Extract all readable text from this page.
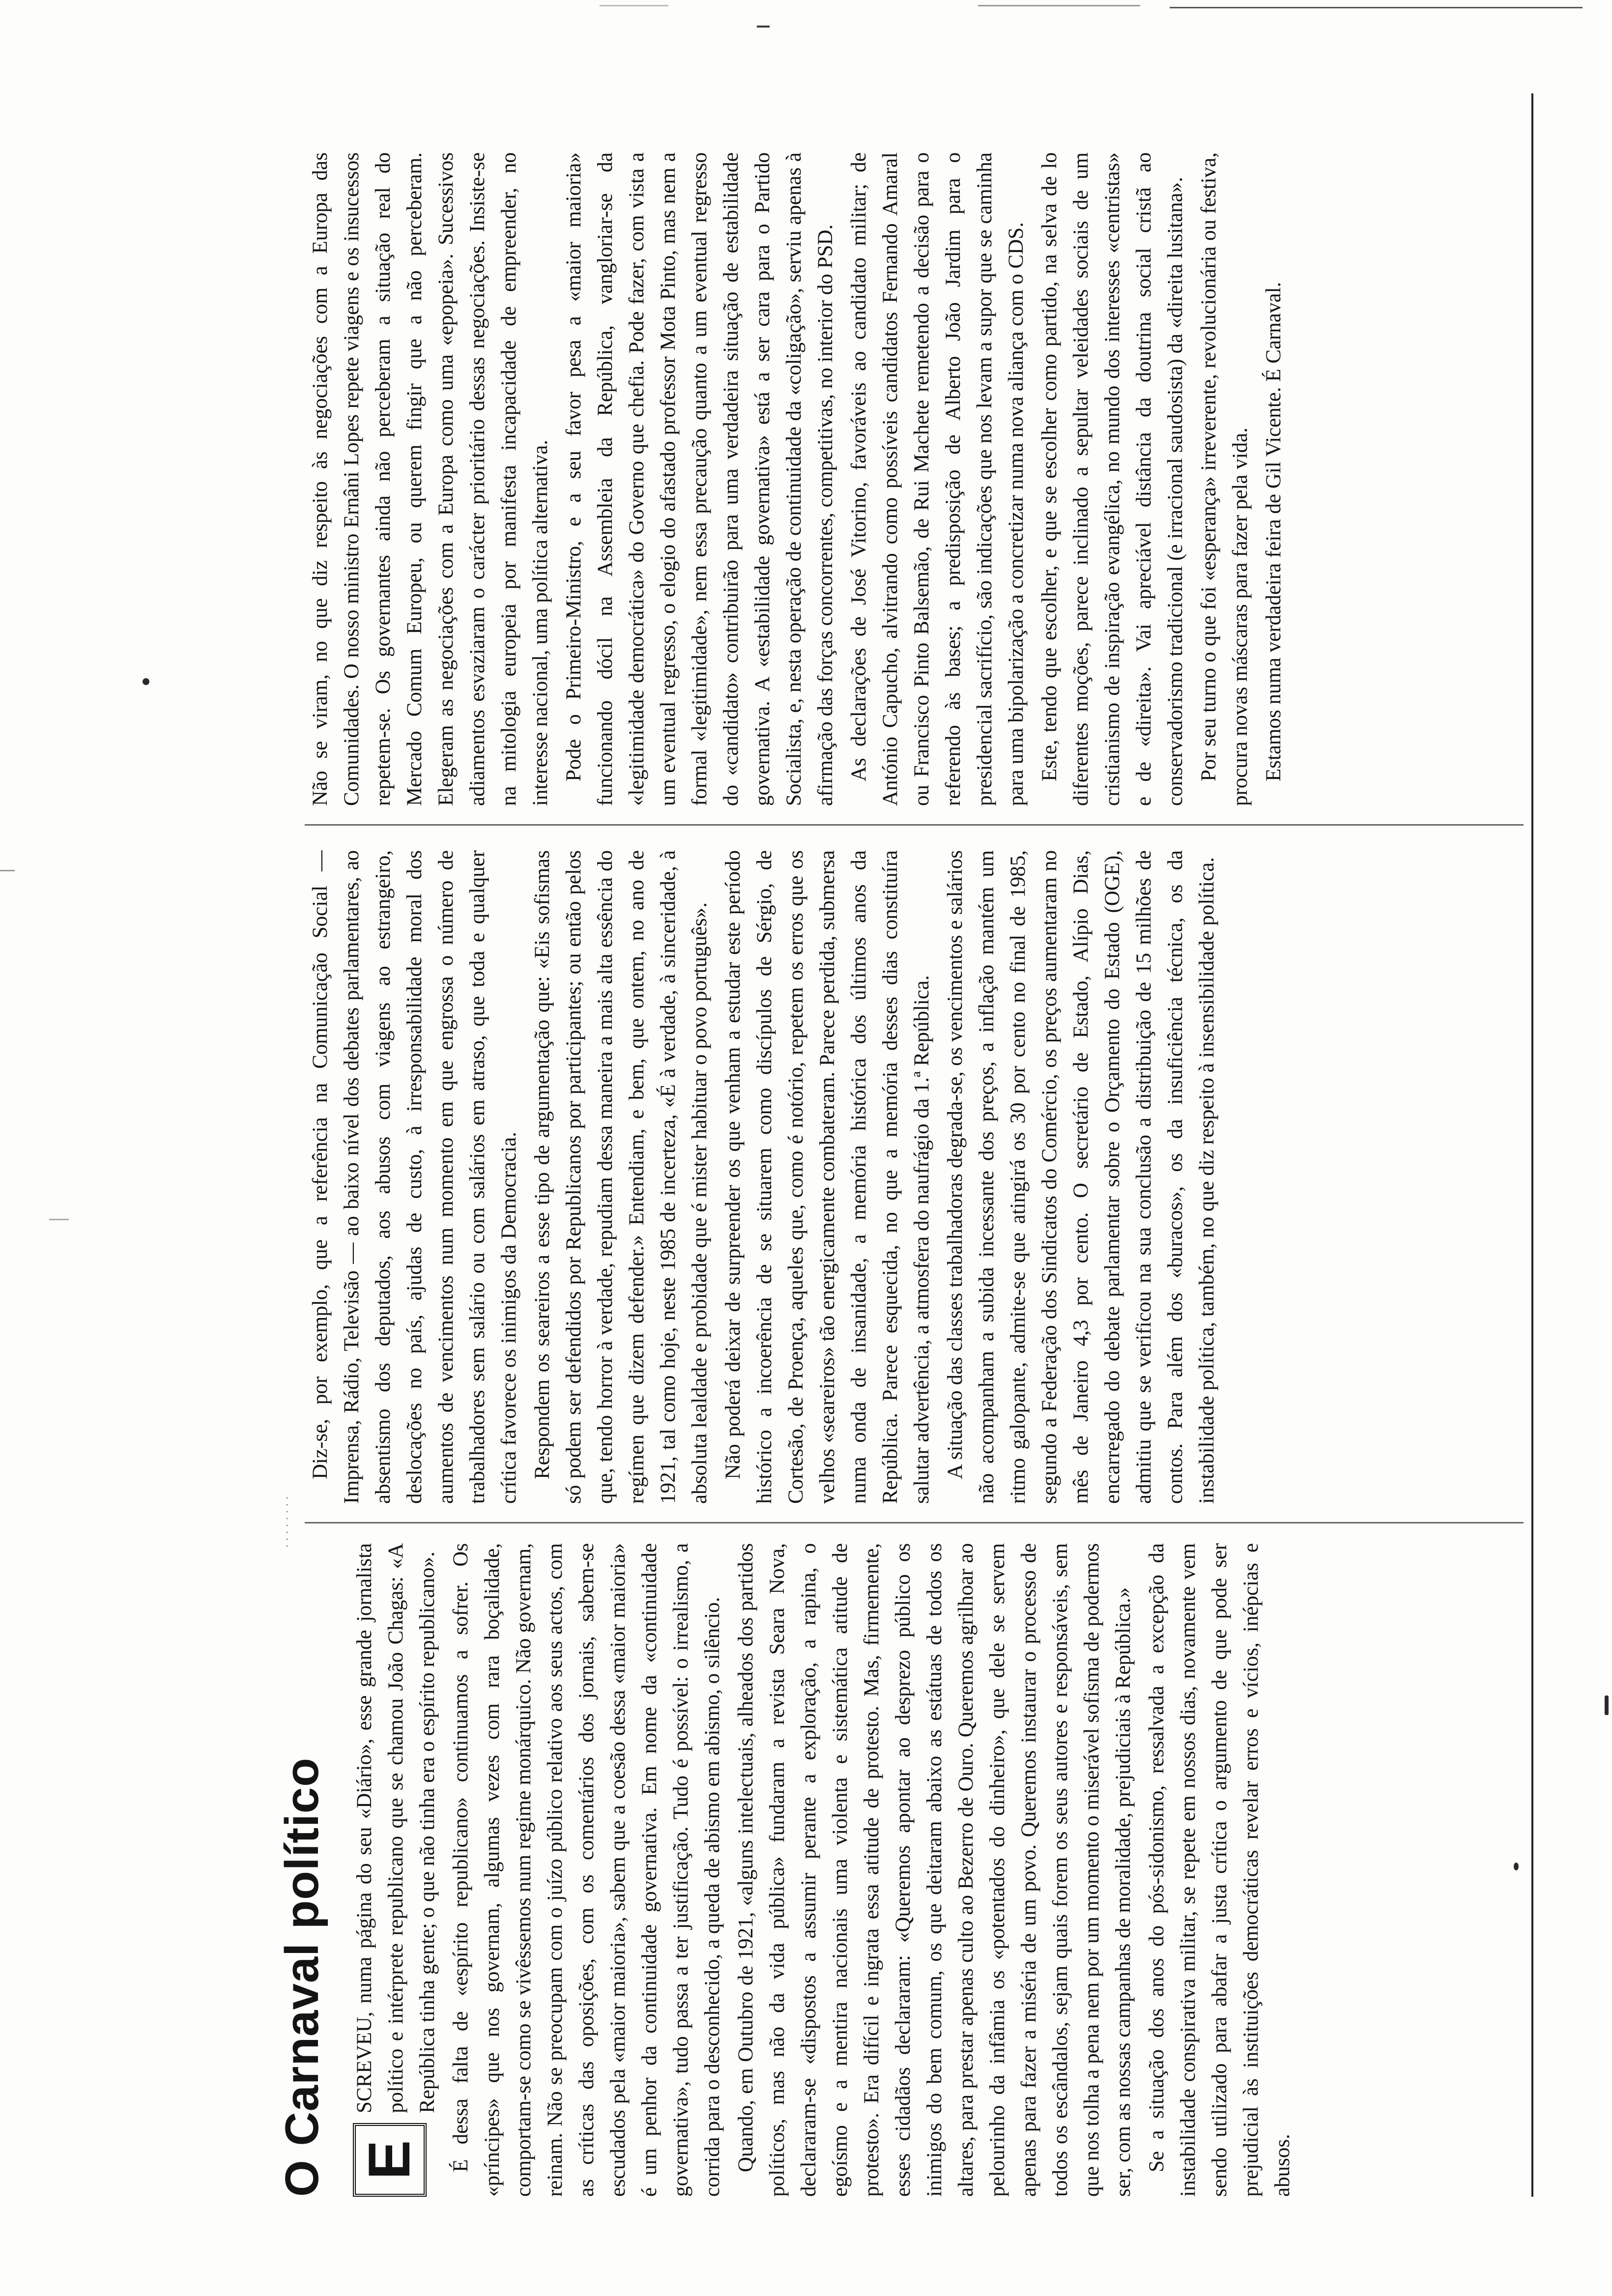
O Carnaval político
· · · · · · · ·
E

SCREVEU, numa página do seu «Diário», esse grande jornalista político e intérprete republicano que se chamou João Chagas: «A República tinha gente; o que não tinha era o espírito republicano». É dessa falta de «espírito republicano» continuamos a sofrer. Os «príncipes» que nos governam, algumas vezes com rara boçalidade, comportam-se como se vivêssemos num regime monárquico. Não governam, reinam. Não se preocupam com o juízo público relativo aos seus actos, com as críticas das oposições, com os comentários dos jornais, sabem-se escudados pela «maior maioria», sabem que a coesão dessa «maior maioria» é um penhor da continuidade governativa. Em nome da «continuidade governativa», tudo passa a ter justificação. Tudo é possível: o irrealismo, a corrida para o desconhecido, a queda de abismo em abismo, o silêncio. Quando, em Outubro de 1921, «alguns intelectuais, alheados dos partidos políticos, mas não da vida pública» fundaram a revista Seara Nova, declararam-se «dispostos a assumir perante a exploração, a rapina, o egoísmo e a mentira nacionais uma violenta e sistemática atitude de protesto». Era difícil e ingrata essa atitude de protesto. Mas, firmemente, esses cidadãos declararam: «Queremos apontar ao desprezo público os inimigos do bem comum, os que deitaram abaixo as estátuas de todos os altares, para prestar apenas culto ao Bezerro de Ouro. Queremos agrilhoar ao pelourinho da infâmia os «potentados do dinheiro», que dele se servem apenas para fazer a miséria de um povo. Queremos instaurar o processo de todos os escândalos, sejam quais forem os seus autores e responsáveis, sem que nos tolha a pena nem por um momento o miserável sofisma de podermos ser, com as nossas campanhas de moralidade, prejudiciais à República.» Se a situação dos anos do pós-sidonismo, ressalvada a excepção da instabilidade conspirativa militar, se repete em nossos dias, novamente vem sendo utilizado para abafar a justa crítica o argumento de que pode ser prejudicial às instituições democráticas revelar erros e vícios, inépcias e abusos.

Diz-se, por exemplo, que a referência na Comunicação Social — Imprensa, Rádio, Televisão — ao baixo nível dos debates parlamentares, ao absentismo dos deputados, aos abusos com viagens ao estrangeiro, deslocações no país, ajudas de custo, à irresponsabilidade moral dos aumentos de vencimentos num momento em que engrossa o número de trabalhadores sem salário ou com salários em atraso, que toda e qualquer crítica favorece os inimigos da Democracia. Respondem os seareiros a esse tipo de argumentação que: «Eis sofismas só podem ser defendidos por Republicanos por participantes; ou então pelos que, tendo horror à verdade, repudiam dessa maneira a mais alta essência do regímen que dizem defender.» Entendiam, e bem, que ontem, no ano de 1921, tal como hoje, neste 1985 de incerteza, «É à verdade, à sinceridade, à absoluta lealdade e probidade que é mister habituar o povo português». Não poderá deixar de surpreender os que venham a estudar este período histórico a incoerência de se situarem como discípulos de Sérgio, de Cortesão, de Proença, aqueles que, como é notório, repetem os erros que os velhos «seareiros» tão energicamente combateram. Parece perdida, submersa numa onda de insanidade, a memória histórica dos últimos anos da República. Parece esquecida, no que a memória desses dias constituíra salutar advertência, a atmosfera do naufrágio da 1.ª República. A situação das classes trabalhadoras degrada-se, os vencimentos e salários não acompanham a subida incessante dos preços, a inflação mantém um ritmo galopante, admite-se que atingirá os 30 por cento no final de 1985, segundo a Federação dos Sindicatos do Comércio, os preços aumentaram no mês de Janeiro 4,3 por cento. O secretário de Estado, Alípio Dias, encarregado do debate parlamentar sobre o Orçamento do Estado (OGE), admitiu que se verificou na sua conclusão a distribuição de 15 milhões de contos. Para além dos «buracos», os da insuficiência técnica, os da instabilidade política, também, no que diz respeito à insensibilidade política.

Não se viram, no que diz respeito às negociações com a Europa das Comunidades. O nosso ministro Ernâni Lopes repete viagens e os insucessos repetem-se. Os governantes ainda não perceberam a situação real do Mercado Comum Europeu, ou querem fingir que a não perceberam. Elegeram as negociações com a Europa como uma «epopeia». Sucessivos adiamentos esvaziaram o carácter prioritário dessas negociações. Insiste-se na mitologia europeia por manifesta incapacidade de empreender, no interesse nacional, uma política alternativa. Pode o Primeiro-Ministro, e a seu favor pesa a «maior maioria» funcionando dócil na Assembleia da República, vangloriar-se da «legitimidade democrática» do Governo que chefia. Pode fazer, com vista a um eventual regresso, o elogio do afastado professor Mota Pinto, mas nem a formal «legitimidade», nem essa precaução quanto a um eventual regresso do «candidato» contribuirão para uma verdadeira situação de estabilidade governativa. A «estabilidade governativa» está a ser cara para o Partido Socialista, e, nesta operação de continuidade da «coligação», serviu apenas à afirmação das forças concorrentes, competitivas, no interior do PSD. As declarações de José Vitorino, favoráveis ao candidato militar; de António Capucho, alvitrando como possíveis candidatos Fernando Amaral ou Francisco Pinto Balsemão, de Rui Machete remetendo a decisão para o referendo às bases; a predisposição de Alberto João Jardim para o presidencial sacrifício, são indicações que nos levam a supor que se caminha para uma bipolarização a concretizar numa nova aliança com o CDS. Este, tendo que escolher, e que se escolher como partido, na selva de lo diferentes moções, parece inclinado a sepultar veleidades sociais de um cristianismo de inspiração evangélica, no mundo dos interesses «centristas» e de «direita». Vai apreciável distância da doutrina social cristã ao conservadorismo tradicional (e irracional saudosista) da «direita lusitana». Por seu turno o que foi «esperança» irreverente, revolucionária ou festiva, procura novas máscaras para fazer pela vida. Estamos numa verdadeira feira de Gil Vicente. É Carnaval.
